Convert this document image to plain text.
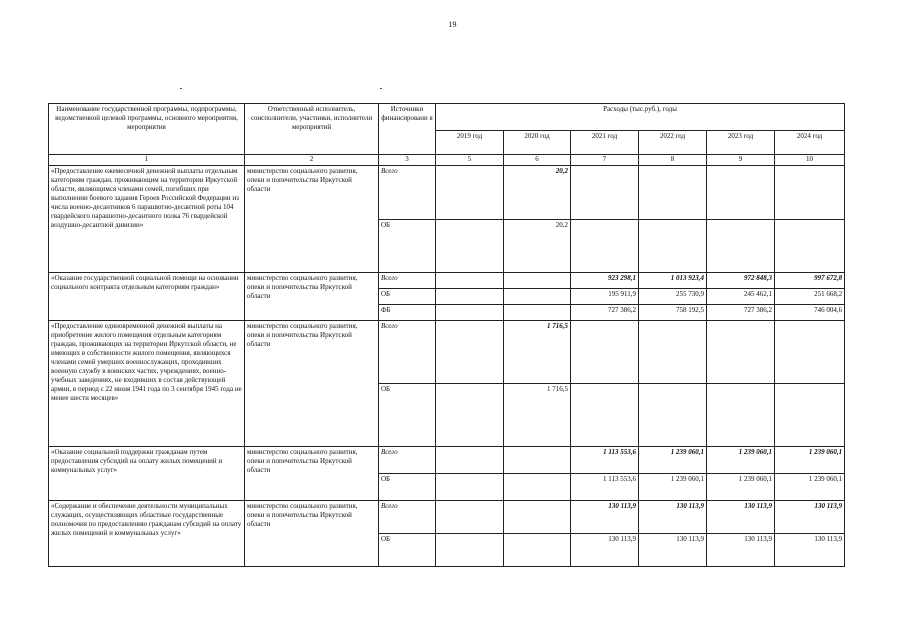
19
Наименование государственной программы, подпрограммы, ведомственной целевой программы, основного мероприятия, мероприятия	Ответственный исполнитель, соисполнители, участники, исполнители мероприятий	Источники финансировани я	Расходы (тыс.руб.), годы					
			2019 год	2020 год	2021 год	2022 год	2023 год	2024 год
1	2	3	5	6	7	8	9	10
«Предоставление ежемесячной денежной выплаты отдельным категориям граждан, проживающим на территории Иркутской области, являющимся членами семей, погибших при выполнении боевого задания Героев Российской Федерации из числа военно-десантников 6 парашютно-десантной роты 104 гвардейского парашютно-десантного полка 76 гвардейской воздушно-десантной дивизии»	министерство социального развития, опеки и попечительства Иркутской области	Всего		20,2				
		ОБ		20,2				
«Оказание государственной социальной помощи на основании социального контракта отдельным категориям граждан»	министерство социального развития, опеки и попечительства Иркутской области	Всего			923 298,1	1 013 923,4	972 848,3	997 672,8
		ОБ			195 911,9	255 730,9	245 462,1	251 668,2
		ФБ			727 386,2	758 192,5	727 386,2	746 004,6
«Предоставление единовременной денежной выплаты на приобретение жилого помещения отдельным категориям граждан, проживающих на территории Иркутской области, не имеющих в собственности жилого помещения, являющихся членами семей умерших военнослужащих, проходивших военную службу в воинских частях, учреждениях, военно-учебных заведениях, не входивших в состав действующей армии, в период с 22 июня 1941 года по 3 сентября 1945 года не менее шести месяцев»	министерство социального развития, опеки и попечительства Иркутской области	Всего		1 716,5				
		ОБ		1 716,5				
«Оказание социальной поддержки гражданам путем предоставления субсидий на оплату жилых помещений и коммунальных услуг»	министерство социального развития, опеки и попечительства Иркутской области	Всего			1 113 553,6	1 239 060,1	1 239 060,1	1 239 060,1
		ОБ			1 113 553,6	1 239 060,1	1 239 060,1	1 239 060,1
«Содержание и обеспечение деятельности муниципальных служащих, осуществляющих областные государственные полномочия по предоставлению гражданам субсидий на оплату жилых помещений и коммунальных услуг»	министерство социального развития, опеки и попечительства Иркутской области	Всего			130 113,9	130 113,9	130 113,9	130 113,9
		ОБ			130 113,9	130 113,9	130 113,9	130 113,9
